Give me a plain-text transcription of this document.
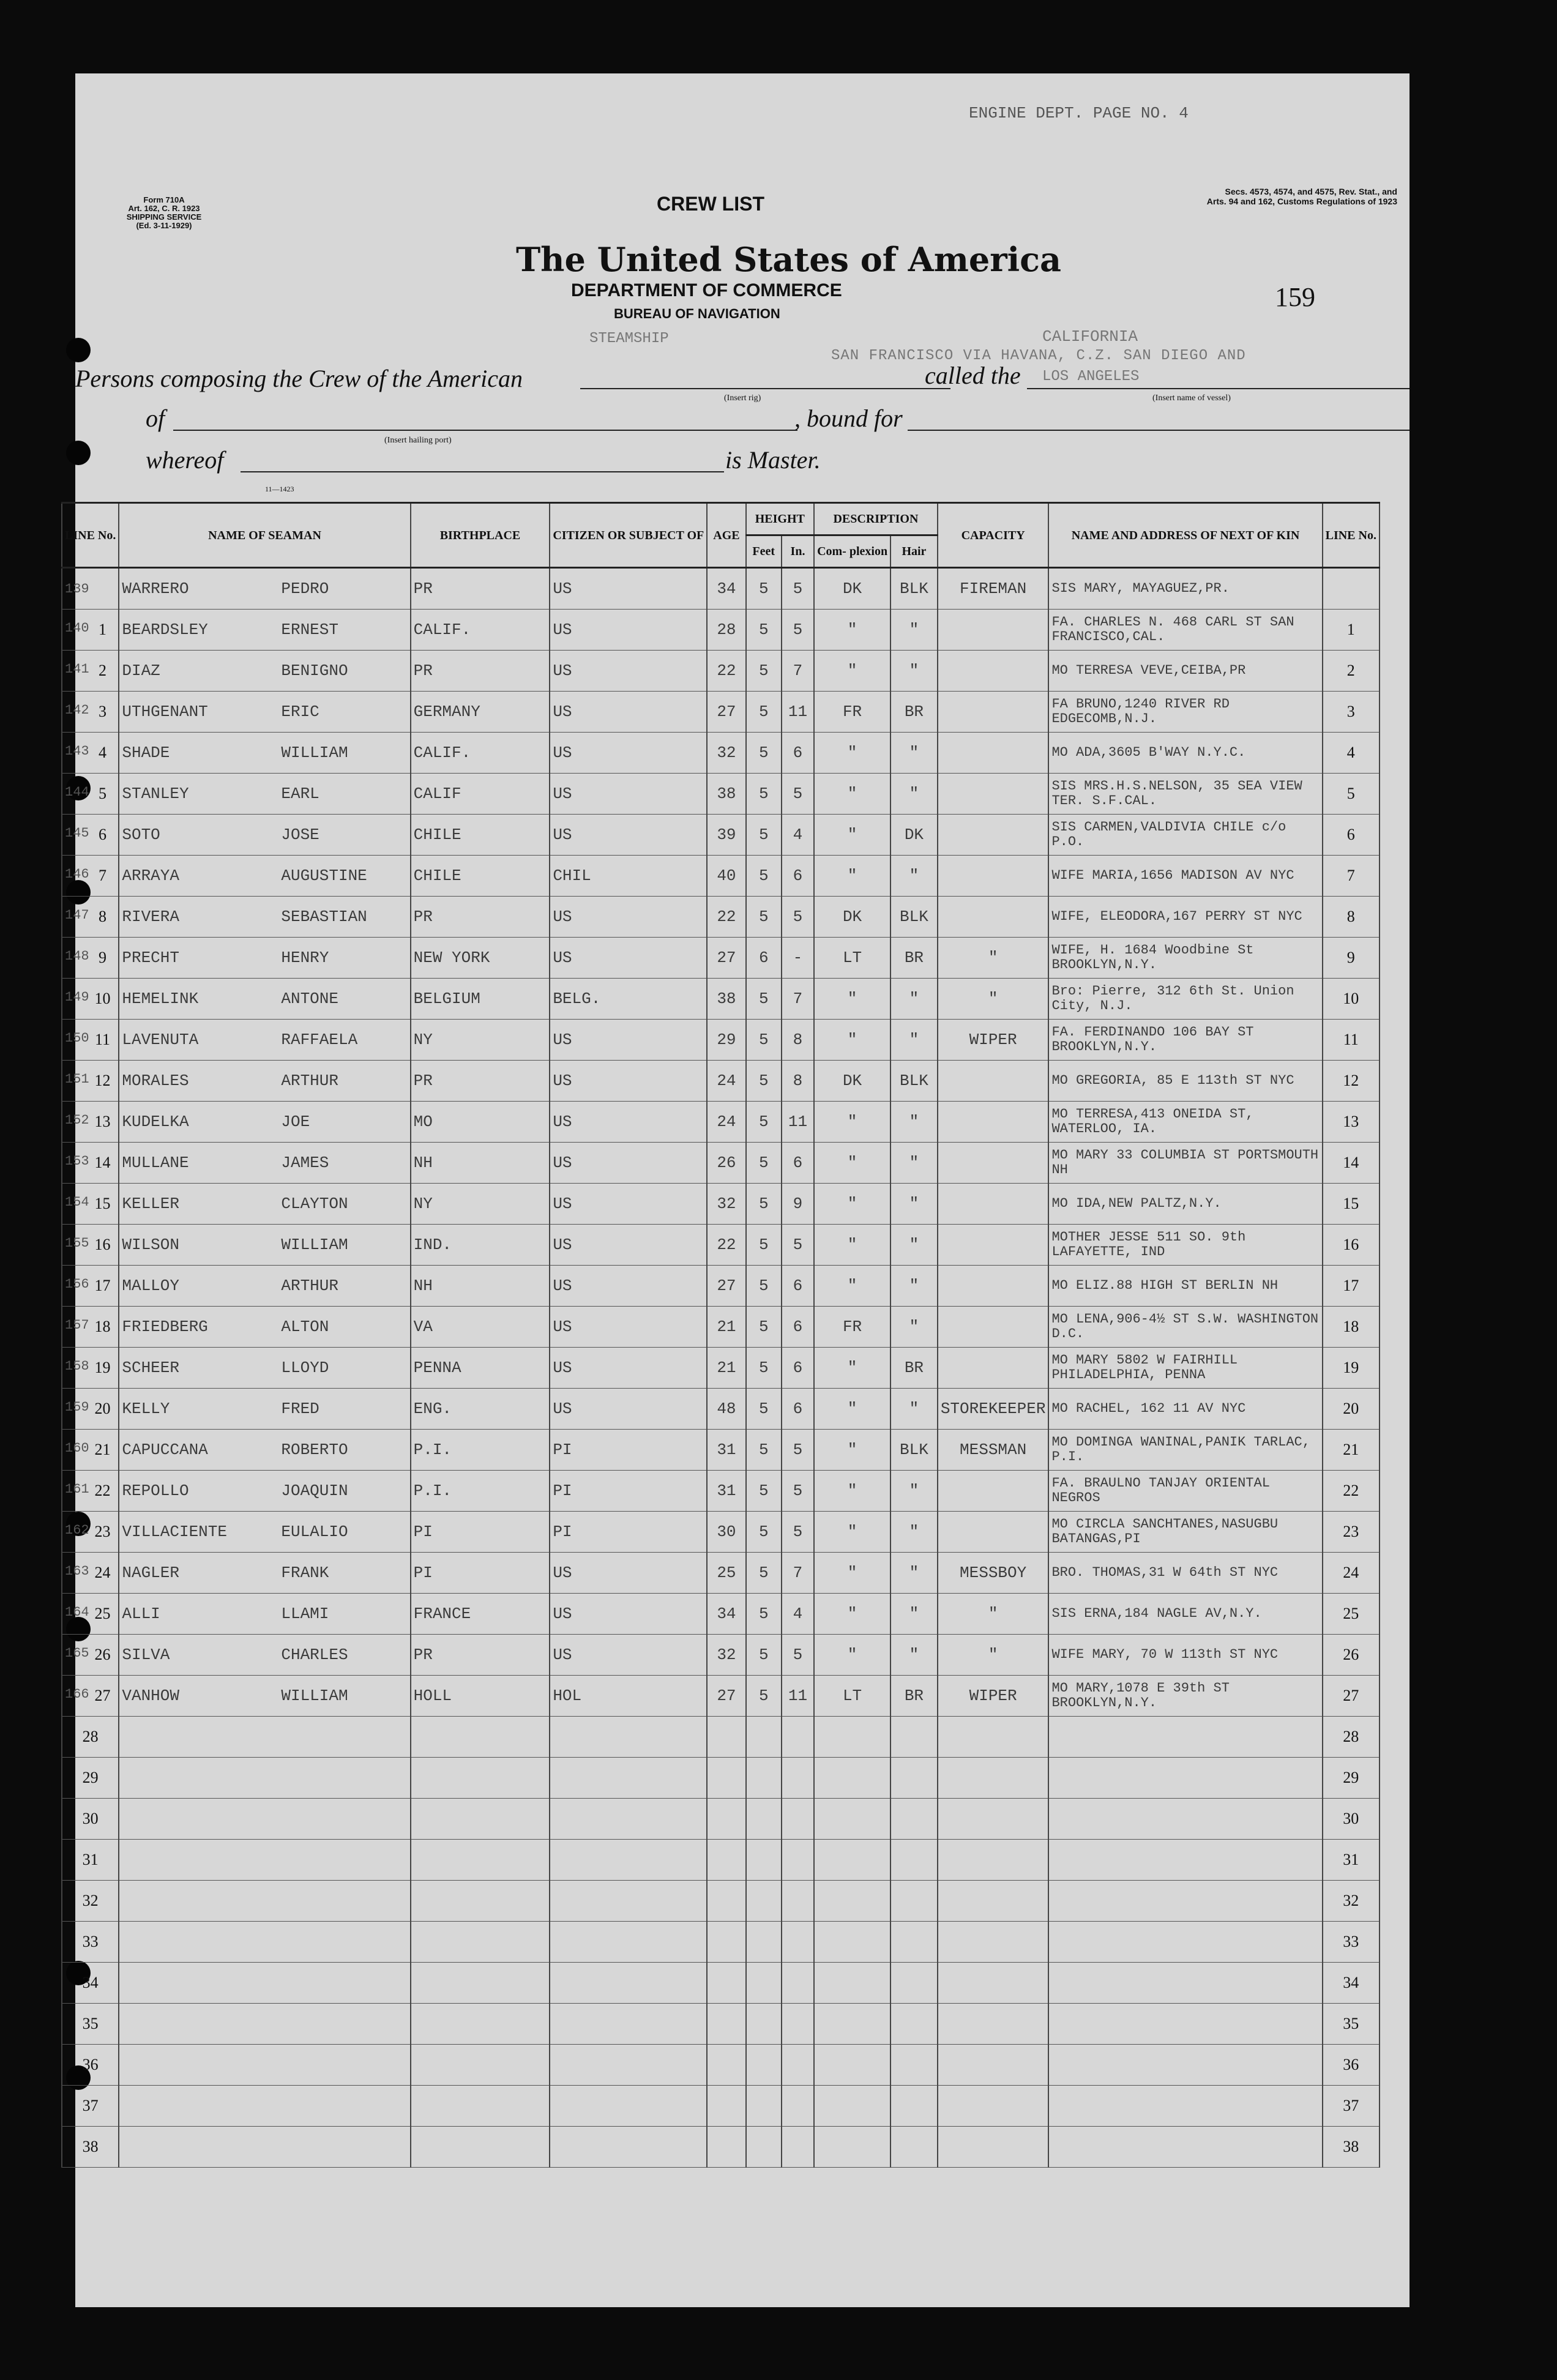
Form 710A
Art. 162, C. R. 1923
SHIPPING SERVICE
(Ed. 3-11-1929)
CREW LIST
Secs. 4573, 4574, and 4575, Rev. Stat., and
Arts. 94 and 162, Customs Regulations of 1923
ENGINE DEPT. PAGE NO. 4
The United States of America
DEPARTMENT OF COMMERCE
BUREAU OF NAVIGATION
159
Persons composing the Crew of the American
STEAMSHIP
(Insert rig)
called the
CALIFORNIA
SAN FRANCISCO VIA HAVANA, C.Z. SAN DIEGO AND
LOS ANGELES
(Insert name of vessel)
of
(Insert hailing port)
, bound for
whereof	is Master.
11—1423
LINE No.	NAME OF SEAMAN	BIRTHPLACE	CITIZEN OR SUBJECT OF	AGE	HEIGHT		DESCRIPTION		CAPACITY	NAME AND ADDRESS OF NEXT OF KIN	LINE No.
					Feet	In.	Com- plexion	Hair			

139	WARRERO PEDRO	PR	US	34	5	5	DK	BLK	FIREMAN	SIS MARY, MAYAGUEZ,PR.	

140 1	BEARDSLEY ERNEST	CALIF.	US	28	5	5	"	"		FA. CHARLES N. 468 CARL ST SAN FRANCISCO,CAL.	1

141 2	DIAZ BENIGNO	PR	US	22	5	7	"	"		MO TERRESA VEVE,CEIBA,PR	2

142 3	UTHGENANT ERIC	GERMANY	US	27	5	11	FR	BR		FA BRUNO,1240 RIVER RD EDGECOMB,N.J.	3

143 4	SHADE WILLIAM	CALIF.	US	32	5	6	"	"		MO ADA,3605 B'WAY N.Y.C.	4

144 5	STANLEY EARL	CALIF	US	38	5	5	"	"		SIS MRS.H.S.NELSON, 35 SEA VIEW TER. S.F.CAL.	5

145 6	SOTO JOSE	CHILE	US	39	5	4	"	DK		SIS CARMEN,VALDIVIA CHILE c/o P.O.	6

146 7	ARRAYA AUGUSTINE	CHILE	CHIL	40	5	6	"	"		WIFE MARIA,1656 MADISON AV NYC	7

147 8	RIVERA SEBASTIAN	PR	US	22	5	5	DK	BLK		WIFE, ELEODORA,167 PERRY ST NYC	8

148 9	PRECHT HENRY	NEW YORK	US	27	6	-	LT	BR	"	WIFE, H. 1684 Woodbine St BROOKLYN,N.Y.	9

149 10	HEMELINK ANTONE	BELGIUM	BELG.	38	5	7	"	"	"	Bro: Pierre, 312 6th St. Union City, N.J.	10

150 11	LAVENUTA RAFFAELA	NY	US	29	5	8	"	"	WIPER	FA. FERDINANDO 106 BAY ST BROOKLYN,N.Y.	11

151 12	MORALES ARTHUR	PR	US	24	5	8	DK	BLK		MO GREGORIA, 85 E 113th ST NYC	12

152 13	KUDELKA JOE	MO	US	24	5	11	"	"		MO TERRESA,413 ONEIDA ST, WATERLOO, IA.	13

153 14	MULLANE JAMES	NH	US	26	5	6	"	"		MO MARY 33 COLUMBIA ST PORTSMOUTH NH	14

154 15	KELLER CLAYTON	NY	US	32	5	9	"	"		MO IDA,NEW PALTZ,N.Y.	15

155 16	WILSON WILLIAM	IND.	US	22	5	5	"	"		MOTHER JESSE 511 SO. 9th LAFAYETTE, IND	16

156 17	MALLOY ARTHUR	NH	US	27	5	6	"	"		MO ELIZ.88 HIGH ST BERLIN NH	17

157 18	FRIEDBERG ALTON	VA	US	21	5	6	FR	"		MO LENA,906-4½ ST S.W. WASHINGTON D.C.	18

158 19	SCHEER LLOYD	PENNA	US	21	5	6	"	BR		MO MARY 5802 W FAIRHILL PHILADELPHIA, PENNA	19

159 20	KELLY FRED	ENG.	US	48	5	6	"	"	STOREKEEPER	MO RACHEL, 162 11 AV NYC	20

160 21	CAPUCCANA ROBERTO	P.I.	PI	31	5	5	"	BLK	MESSMAN	MO DOMINGA WANINAL,PANIK TARLAC, P.I.	21

161 22	REPOLLO JOAQUIN	P.I.	PI	31	5	5	"	"		FA. BRAULNO TANJAY ORIENTAL NEGROS	22

162 23	VILLACIENTE EULALIO	PI	PI	30	5	5	"	"		MO CIRCLA SANCHTANES,NASUGBU BATANGAS,PI	23

163 24	NAGLER FRANK	PI	US	25	5	7	"	"	MESSBOY	BRO. THOMAS,31 W 64th ST NYC	24

164 25	ALLI LLAMI	FRANCE	US	34	5	4	"	"	"	SIS ERNA,184 NAGLE AV,N.Y.	25

165 26	SILVA CHARLES	PR	US	32	5	5	"	"	"	WIFE MARY, 70 W 113th ST NYC	26

166 27	VANHOW WILLIAM	HOLL	HOL	27	5	11	LT	BR	WIPER	MO MARY,1078 E 39th ST BROOKLYN,N.Y.	27

28											28

29											29

30											30

31											31

32											32

33											33

34											34

35											35

36											36

37											37

38											38
